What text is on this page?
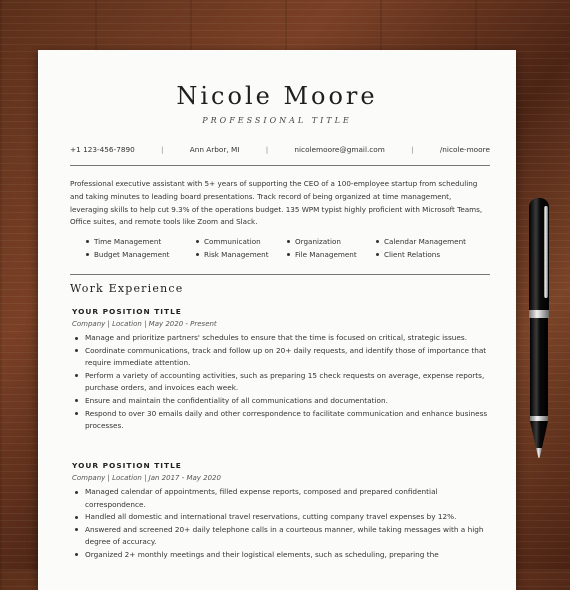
Nicole Moore
PROFESSIONAL TITLE
+1 123-456-7890	|	Ann Arbor, MI	|	nicolemoore@gmail.com	|	/nicole-moore

Professional executive assistant with 5+ years of supporting the CEO of a 100-employee startup from scheduling and taking minutes to leading board presentations. Track record of being organized at time management, leveraging skills to help cut 9.3% of the operations budget. 135 WPM typist highly proficient with Microsoft Teams, Office suites, and remote tools like Zoom and Slack.

Time Management	Communication	Organization	Calendar Management
Budget Management	Risk Management	File Management	Client Relations
Work Experience
YOUR POSITION TITLE
Company | Location | May 2020 - Present
Manage and prioritize partners' schedules to ensure that the time is focused on critical, strategic issues.
Coordinate communications, track and follow up on 20+ daily requests, and identify those of importance that require immediate attention.
Perform a variety of accounting activities, such as preparing 15 check requests on average, expense reports, purchase orders, and invoices each week.
Ensure and maintain the confidentiality of all communications and documentation.
Respond to over 30 emails daily and other correspondence to facilitate communication and enhance business processes.
YOUR POSITION TITLE
Company | Location | Jan 2017 - May 2020
Managed calendar of appointments, filled expense reports, composed and prepared confidential correspondence.
Handled all domestic and international travel reservations, cutting company travel expenses by 12%.
Answered and screened 20+ daily telephone calls in a courteous manner, while taking messages with a high degree of accuracy.
Organized 2+ monthly meetings and their logistical elements, such as scheduling, preparing the
